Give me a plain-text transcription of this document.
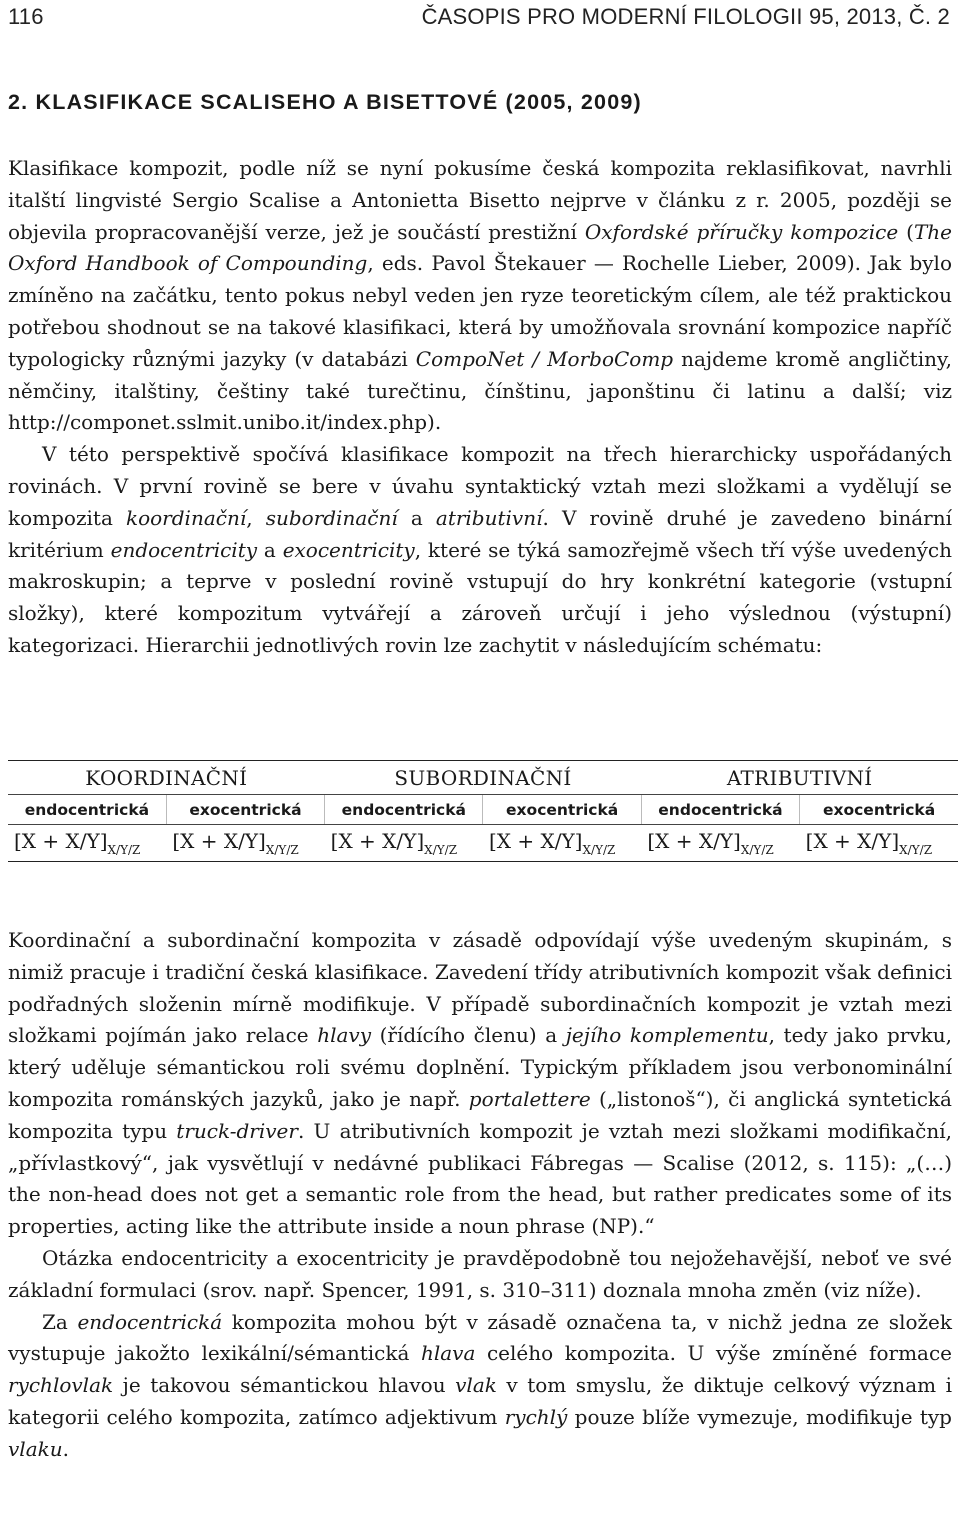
116	ČASOPIS PRO MODERNÍ FILOLOGII 95, 2013, Č. 2
2. KLASIFIKACE SCALISEHO A BISETTOVÉ (2005, 2009)

Klasifikace kompozit, podle níž se nyní pokusíme česká kompozita reklasifikovat, navrhli italští lingvisté Sergio Scalise a Antonietta Bisetto nejprve v článku z r. 2005, později se objevila propracovanější verze, jež je součástí prestižní Oxfordské příručky kompozice (The Oxford Handbook of Compounding, eds. Pavol Štekauer — Rochelle Lieber, 2009). Jak bylo zmíněno na začátku, tento pokus nebyl veden jen ryze teoretickým cílem, ale též praktickou potřebou shodnout se na takové klasifikaci, která by umožňovala srovnání kompozice napříč typologicky různými jazyky (v databázi CompoNet / MorboComp najdeme kromě angličtiny, němčiny, italštiny, češtiny také turečtinu, čínštinu, japonštinu či latinu a další; viz http://componet.sslmit.unibo.it/index.php).

V této perspektivě spočívá klasifikace kompozit na třech hierarchicky uspořádaných rovinách. V první rovině se bere v úvahu syntaktický vztah mezi složkami a vydělují se kompozita koordinační, subordinační a atributivní. V rovině druhé je zavedeno binární kritérium endocentricity a exocentricity, které se týká samozřejmě všech tří výše uvedených makroskupin; a teprve v poslední rovině vstupují do hry konkrétní kategorie (vstupní složky), které kompozitum vytvářejí a zároveň určují i jeho výslednou (výstupní) kategorizaci. Hierarchii jednotlivých rovin lze zachytit v následujícím schématu:

KOORDINAČNÍ		SUBORDINAČNÍ		ATRIBUTIVNÍ	
endocentrická	exocentrická	endocentrická	exocentrická	endocentrická	exocentrická
$[X + X/Y]_{X/Y/Z}$	$[X + X/Y]_{X/Y/Z}$	$[X + X/Y]_{X/Y/Z}$	$[X + X/Y]_{X/Y/Z}$	$[X + X/Y]_{X/Y/Z}$	$[X + X/Y]_{X/Y/Z}$

Koordinační a subordinační kompozita v zásadě odpovídají výše uvedeným skupinám, s nimiž pracuje i tradiční česká klasifikace. Zavedení třídy atributivních kompozit však definici podřadných složenin mírně modifikuje. V případě subordinačních kompozit je vztah mezi složkami pojímán jako relace hlavy (řídícího členu) a jejího komplementu, tedy jako prvku, který uděluje sémantickou roli svému doplnění. Typickým příkladem jsou verbonominální kompozita románských jazyků, jako je např. portalettere („listonoš“), či anglická syntetická kompozita typu truck-driver. U atributivních kompozit je vztah mezi složkami modifikační, „přívlastkový“, jak vysvětlují v nedávné publikaci Fábregas — Scalise (2012, s. 115): „(…) the non-head does not get a semantic role from the head, but rather predicates some of its properties, acting like the attribute inside a noun phrase (NP).“

Otázka endocentricity a exocentricity je pravděpodobně tou nejožehavější, neboť ve své základní formulaci (srov. např. Spencer, 1991, s. 310–311) doznala mnoha změn (viz níže).

Za endocentrická kompozita mohou být v zásadě označena ta, v nichž jedna ze složek vystupuje jakožto lexikální/sémantická hlava celého kompozita. U výše zmíněné formace rychlovlak je takovou sémantickou hlavou vlak v tom smyslu, že diktuje celkový význam i kategorii celého kompozita, zatímco adjektivum rychlý pouze blíže vymezuje, modifikuje typ vlaku.
